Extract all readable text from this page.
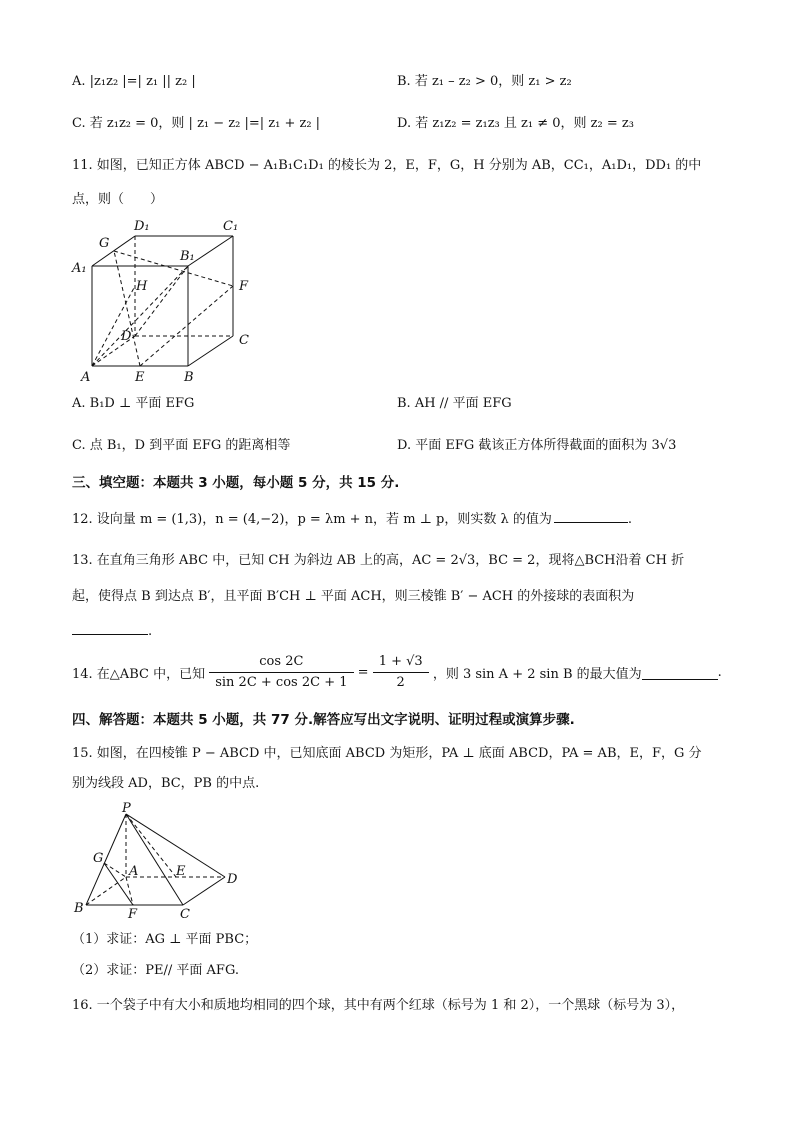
A. |z₁z₂ |=| z₁ || z₂ |	B. 若 z₁ – z₂ > 0，则 z₁ > z₂
C. 若 z₁z₂ = 0，则 | z₁ − z₂ |=| z₁ + z₂ |	D. 若 z₁z₂ = z₁z₃ 且 z₁ ≠ 0，则 z₂ = z₃
11. 如图，已知正方体 ABCD − A₁B₁C₁D₁ 的棱长为 2，E，F，G，H 分别为 AB，CC₁，A₁D₁，DD₁ 的中
点，则（　　）
D₁	C₁
G
B₁
A₁
H	F
D	C
A	E	B
A. B₁D ⊥ 平面 EFG	B. AH // 平面 EFG
C. 点 B₁，D 到平面 EFG 的距离相等	D. 平面 EFG 截该正方体所得截面的面积为 3√3
三、填空题：本题共 3 小题，每小题 5 分，共 15 分.
12. 设向量 m = (1,3)，n = (4,−2)，p = λm + n，若 m ⊥ p，则实数 λ 的值为	.
13. 在直角三角形 ABC 中，已知 CH 为斜边 AB 上的高，AC = 2√3，BC = 2，现将△BCH沿着 CH 折
起，使得点 B 到达点 B′，且平面 B′CH ⊥ 平面 ACH，则三棱锥 B′ − ACH 的外接球的表面积为
.
14. 在△ABC 中，已知 $\frac{\cos 2C}{\sin 2C + \cos 2C + 1} = \frac{1 + √3}{2}$ ，则 3 sin A + 2 sin B 的最大值为	.
四、解答题：本题共 5 小题，共 77 分.解答应写出文字说明、证明过程或演算步骤.
15. 如图，在四棱锥 P − ABCD 中，已知底面 ABCD 为矩形，PA ⊥ 底面 ABCD，PA = AB，E，F，G 分
别为线段 AD，BC，PB 的中点.
P
G
A	E
D
B	F	C
（1）求证：AG ⊥ 平面 PBC；
（2）求证：PE// 平面 AFG.
16. 一个袋子中有大小和质地均相同的四个球，其中有两个红球（标号为 1 和 2），一个黑球（标号为 3），
